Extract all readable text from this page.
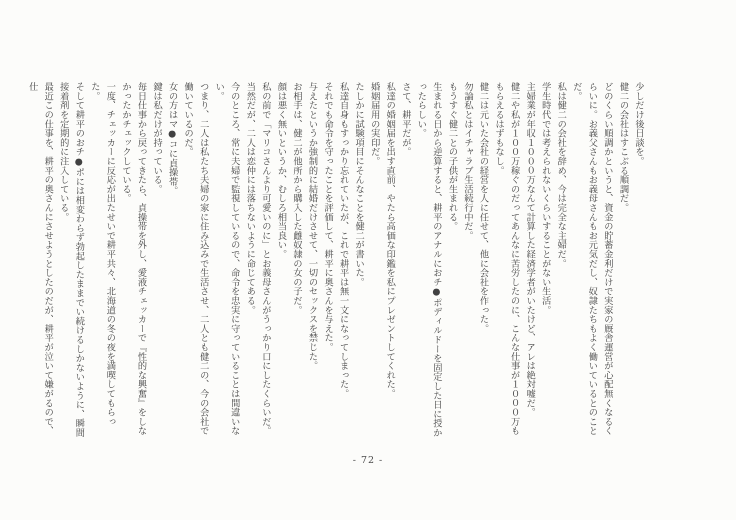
少しだけ後日談を。

健二の会社はすこぶる順調だ。

どのくらい順調かというと、資金の貯蓄金利だけで実家の厩舎運営が心配無くなるくらいに。お義父さんもお義母さんもお元気だし、奴隷たちもよく働いているとのことだ。

私は健二の会社を辞め、今は完全な主婦だ。

学生時代では考えられないくらいすることがない生活。

主婦業が年収１０００万なんて計算した経済学者がいたけど、アレは絶対嘘だ。

健二や私が１００万稼ぐのだってあんなに苦労したのに、こんな仕事が１０００万ももらえるはずもなし。

健二は元いた会社の経営を人に任せて、他に会社を作った。

勿論私とはイチャラブ生活続行中だ。

もうすぐ健二との子供が生まれる。

生まれる日から逆算すると、耕平のアナルにおチ●ポディルドーを固定した日に授かったらしい。

さて、耕平だが。

私達の婚姻届を出す直前、やたら高価な印鑑を私にプレゼントしてくれた。

婚姻届用の実印だ。

たしかに試験項目にそんなことを健二が書いた。

私達自身もすっかり忘れていたが、これで耕平は無一文になってしまった。

それでも命令を守ったことを評価して、耕平に奥さんを与えた。

与えたというか強制的に結婚だけさせて、一切のセックスを禁じた。

お相手は、健二が他所から購入した雌奴隷の女の子だ。

顔は悪く無いというか、むしろ相当良い。

私の前で「マリコさんより可愛いのに」とお義母さんがうっかり口にしたくらいだ。

当然だが、二人は恋仲には落ちないように命じてある。

今のところ、常に夫婦で監視しているので、命令を忠実に守っていることは間違いない。

つまり、二人は私たち夫婦の家に住み込みで生活させ、二人とも健二の、今の会社で働いているのだ。

女の方はマ●コに貞操帯。

鍵は私だけが持っている。

毎日仕事から戻ってきたら、貞操帯を外し、愛液チェッカーで『性的な興奮』をしなかったかチェックしている。

一度、チェッカーに反応が出たせいで耕平共々、北海道の冬の夜を満喫してもらった。

そして耕平のおチ●ポには相変わらず勃起したままでい続けるしかないように、瞬間接着剤を定期的に注入している。

最近この仕事を、耕平の奥さんにさせようとしたのだが、耕平が泣いて嫌がるので、仕

- 72 -
